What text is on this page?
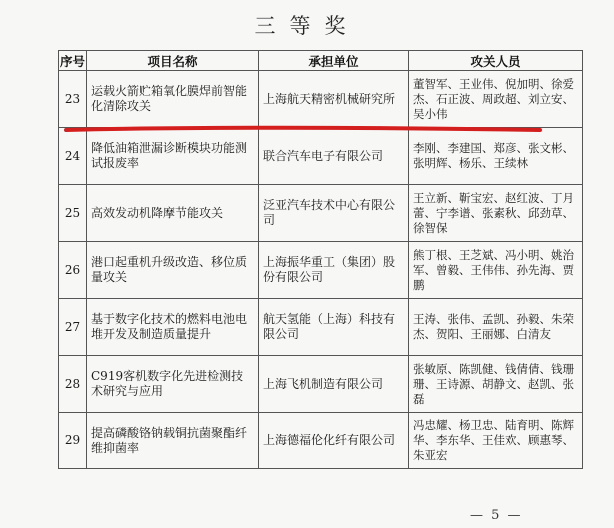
三等奖
序号	项目名称	承担单位	攻关人员
23	运载火箭贮箱氧化膜焊前智能化清除攻关	上海航天精密机械研究所	董智军、王业伟、倪加明、徐爱杰、石正波、周政超、刘立安、吴小伟
24	降低油箱泄漏诊断模块功能测试报废率	联合汽车电子有限公司	李刚、李建国、郑彦、张文彬、张明辉、杨乐、王续林
25	高效发动机降摩节能攻关	泛亚汽车技术中心有限公司	王立新、靳宝宏、赵红波、丁月蕾、宁李谱、张素秋、邱劲草、徐智保
26	港口起重机升级改造、移位质量攻关	上海振华重工（集团）股份有限公司	熊丁根、王芝斌、冯小明、姚治军、曾毅、王伟伟、孙先海、贾鹏
27	基于数字化技术的燃料电池电堆开发及制造质量提升	航天氢能（上海）科技有限公司	王涛、张伟、孟凯、孙毅、朱荣杰、贺阳、王丽娜、白清友
28	C919客机数字化先进检测技术研究与应用	上海飞机制造有限公司	张敏原、陈凯健、钱倩倩、钱珊珊、王诗源、胡静文、赵凯、张磊
29	提高磷酸铬钠载铜抗菌聚酯纤维抑菌率	上海德福伦化纤有限公司	冯忠耀、杨卫忠、陆育明、陈辉华、李东华、王佳欢、顾惠琴、朱亚宏
— 5 —
